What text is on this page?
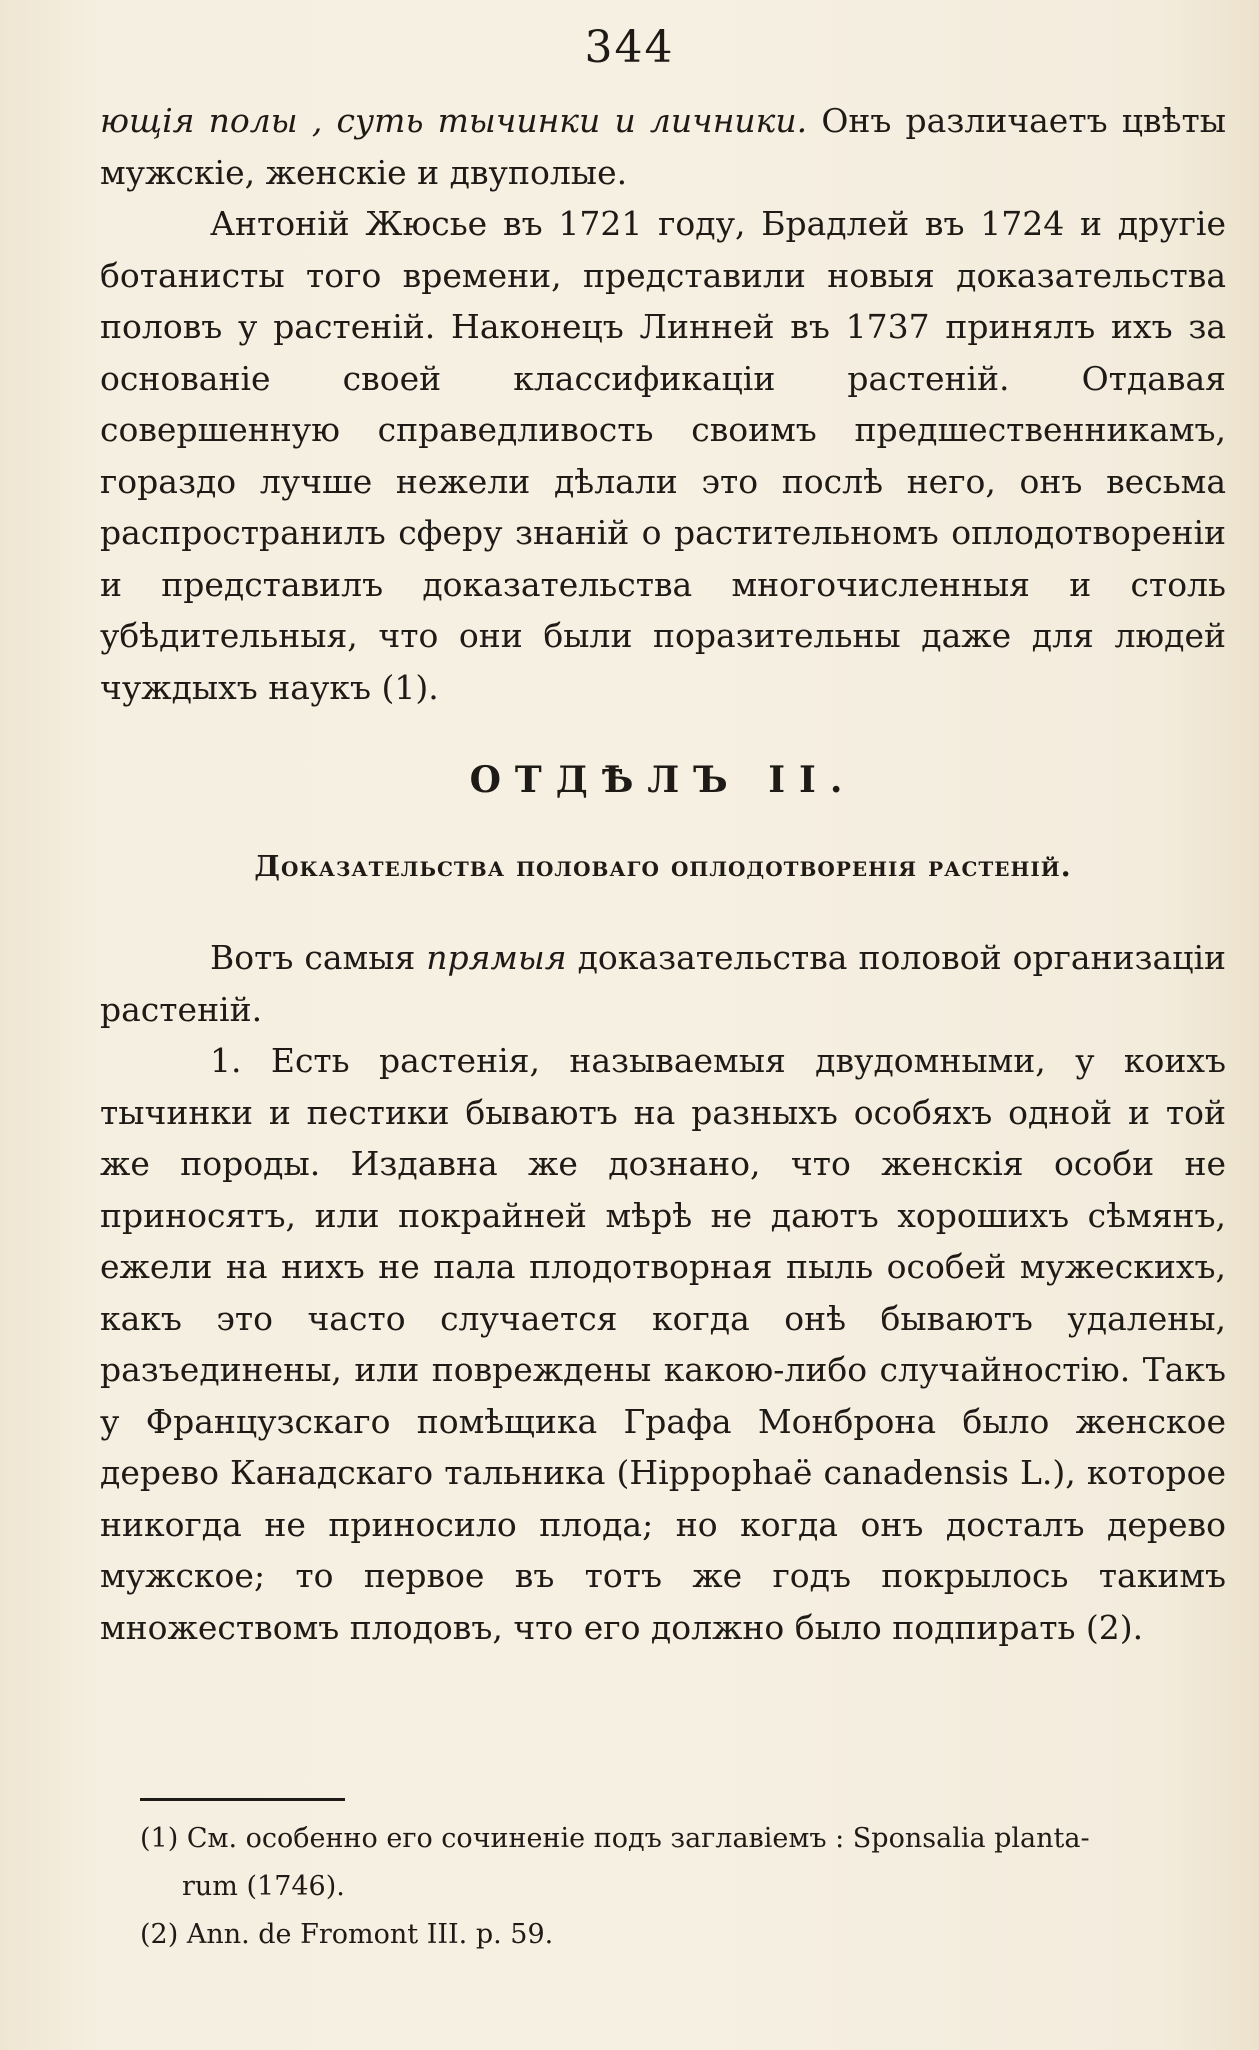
344

ющія полы , суть тычинки и личники. Онъ различаетъ цвѣты мужскіе, женскіе и двуполые.

Антоній Жюсье въ 1721 году, Брадлей въ 1724 и другіе ботанисты того времени, представили новыя доказательства половъ у растеній. Наконецъ Линней въ 1737 принялъ ихъ за основаніе своей классификаціи растеній. Отдавая совершенную справедливость своимъ предшественникамъ, гораздо лучше нежели дѣлали это послѣ него, онъ весьма распространилъ сферу знаній о растительномъ оплодотвореніи и представилъ доказательства многочисленныя и столь убѣдительныя, что они были поразительны даже для людей чуждыхъ наукъ (1).

ОТДѢЛЪ II.
Доказательства половаго оплодотворенія растеній.

Вотъ самыя прямыя доказательства половой организаціи растеній.

1. Есть растенія, называемыя двудомными, у коихъ тычинки и пестики бываютъ на разныхъ особяхъ одной и той же породы. Издавна же дознано, что женскія особи не приносятъ, или покрайней мѣрѣ не даютъ хорошихъ сѣмянъ, ежели на нихъ не пала плодотворная пыль особей мужескихъ, какъ это часто случается когда онѣ бываютъ удалены, разъединены, или повреждены какою-либо случайностію. Такъ у Французскаго помѣщика Графа Монброна было женское дерево Канадскаго тальника (Hippophaë canadensis L.), которое никогда не приносило плода; но когда онъ досталъ дерево мужское; то первое въ тотъ же годъ покрылось такимъ множествомъ плодовъ, что его должно было подпирать (2).

(1) См. особенно его сочиненіе подъ заглавіемъ : Sponsalia planta-
rum (1746).

(2) Ann. de Fromont III. p. 59.
